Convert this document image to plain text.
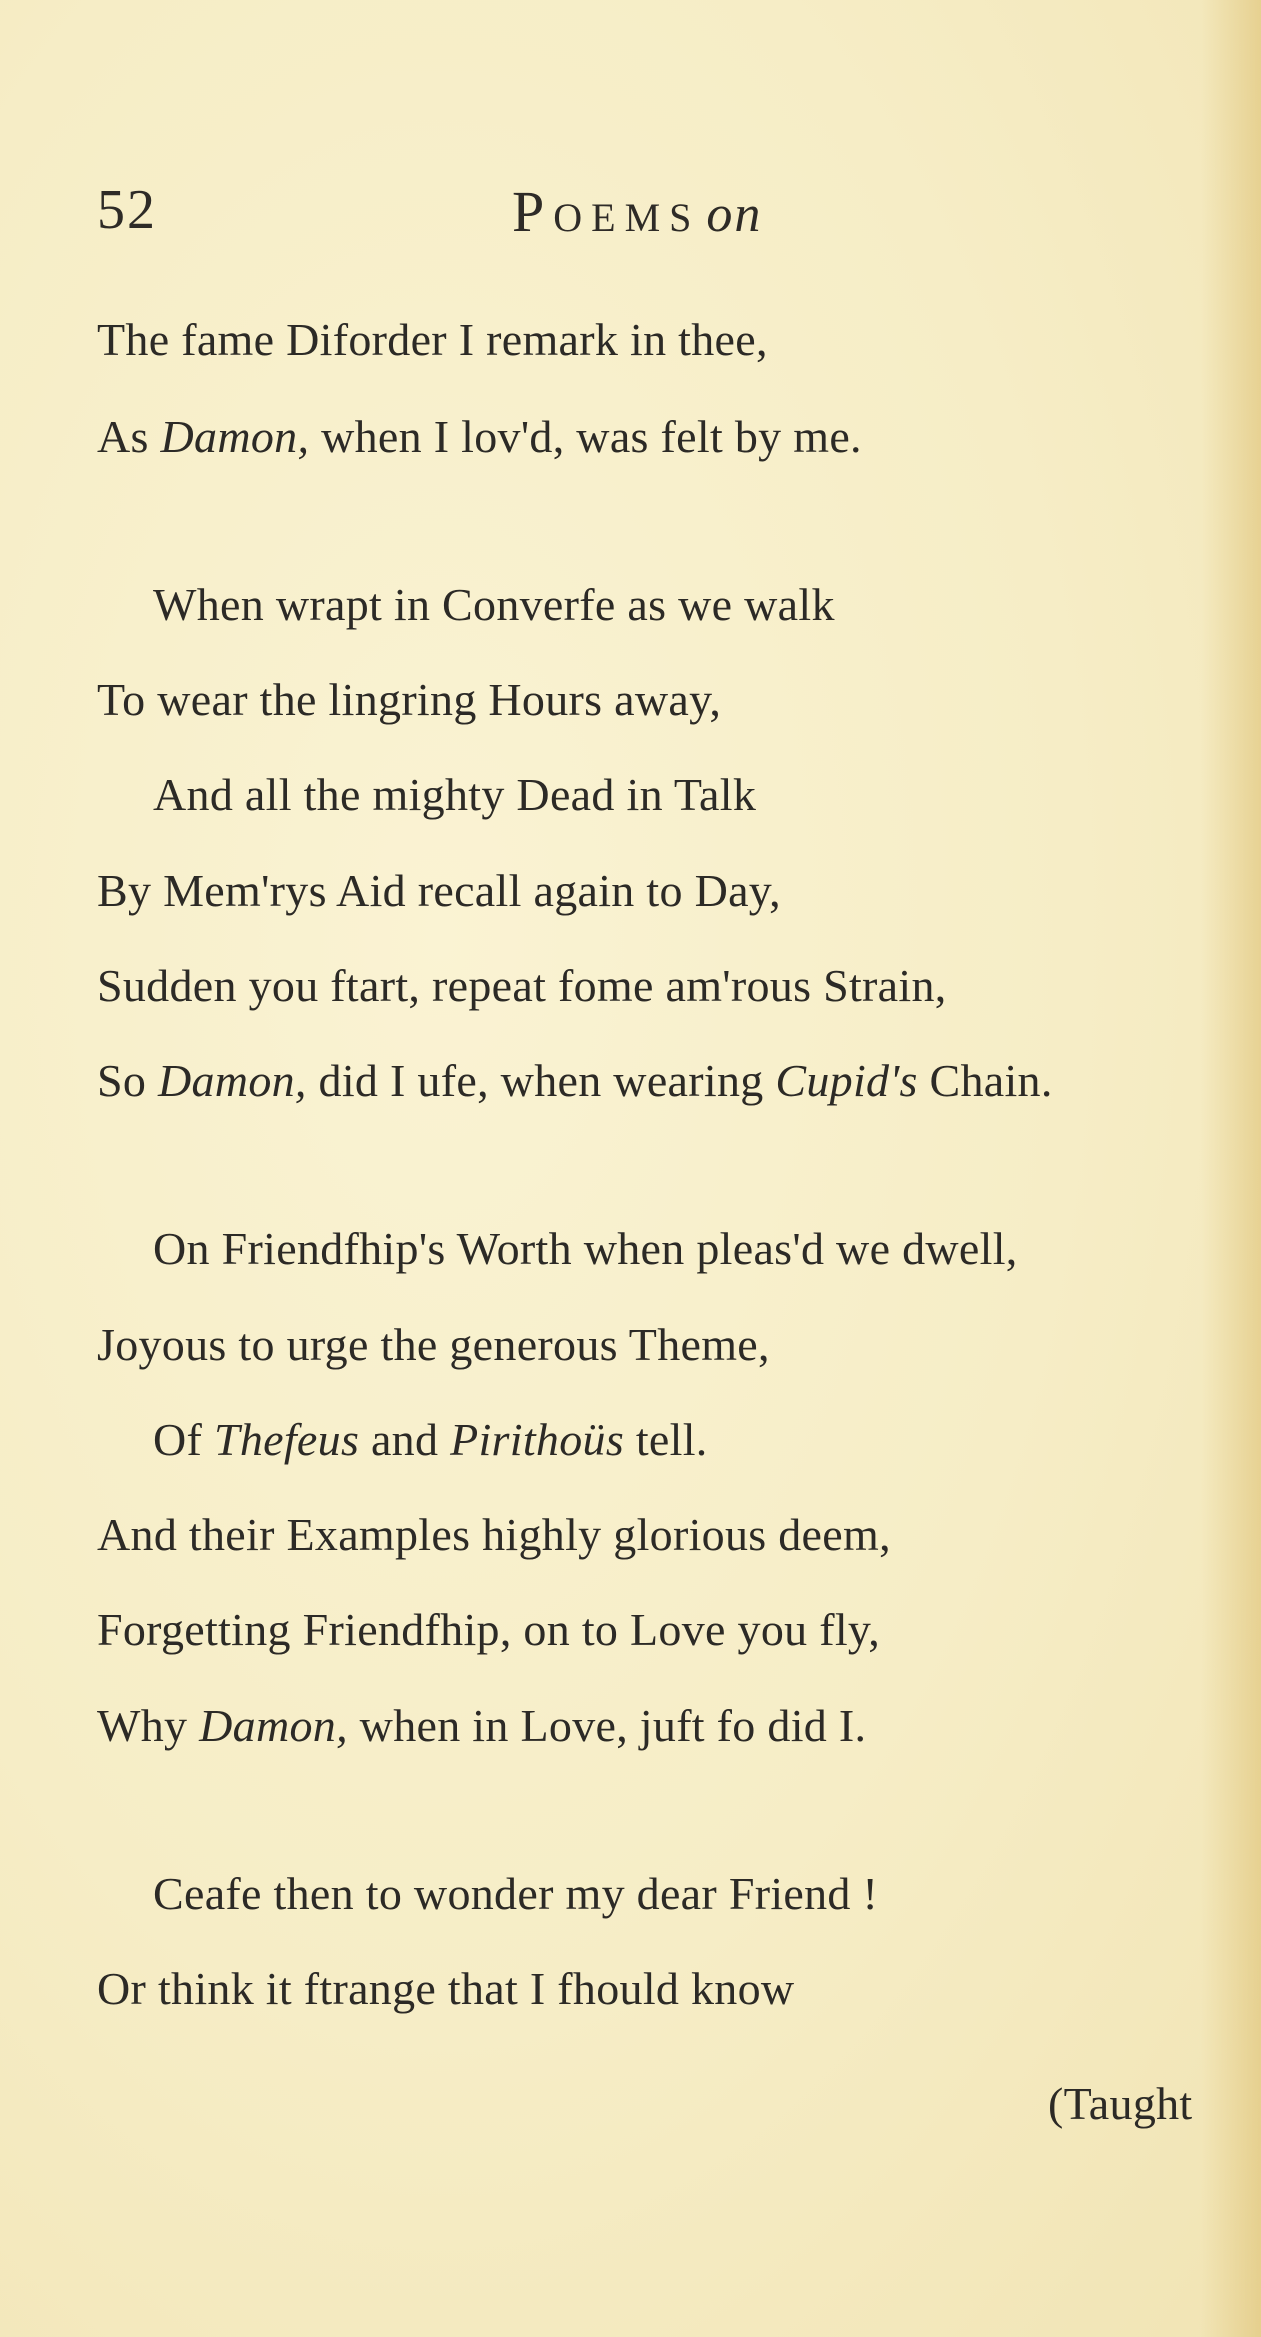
52	POEMS on
The fame Diforder I remark in thee,
As Damon, when I lov'd, was felt by me.
When wrapt in Converfe as we walk
To wear the lingring Hours away,
And all the mighty Dead in Talk
By Mem'rys Aid recall again to Day,
Sudden you ftart, repeat fome am'rous Strain,
So Damon, did I ufe, when wearing Cupid's Chain.
On Friendfhip's Worth when pleas'd we dwell,
Joyous to urge the generous Theme,
Of Thefeus and Pirithoüs tell.
And their Examples highly glorious deem,
Forgetting Friendfhip, on to Love you fly,
Why Damon, when in Love, juft fo did I.
Ceafe then to wonder my dear Friend !
Or think it ftrange that I fhould know
(Taught
